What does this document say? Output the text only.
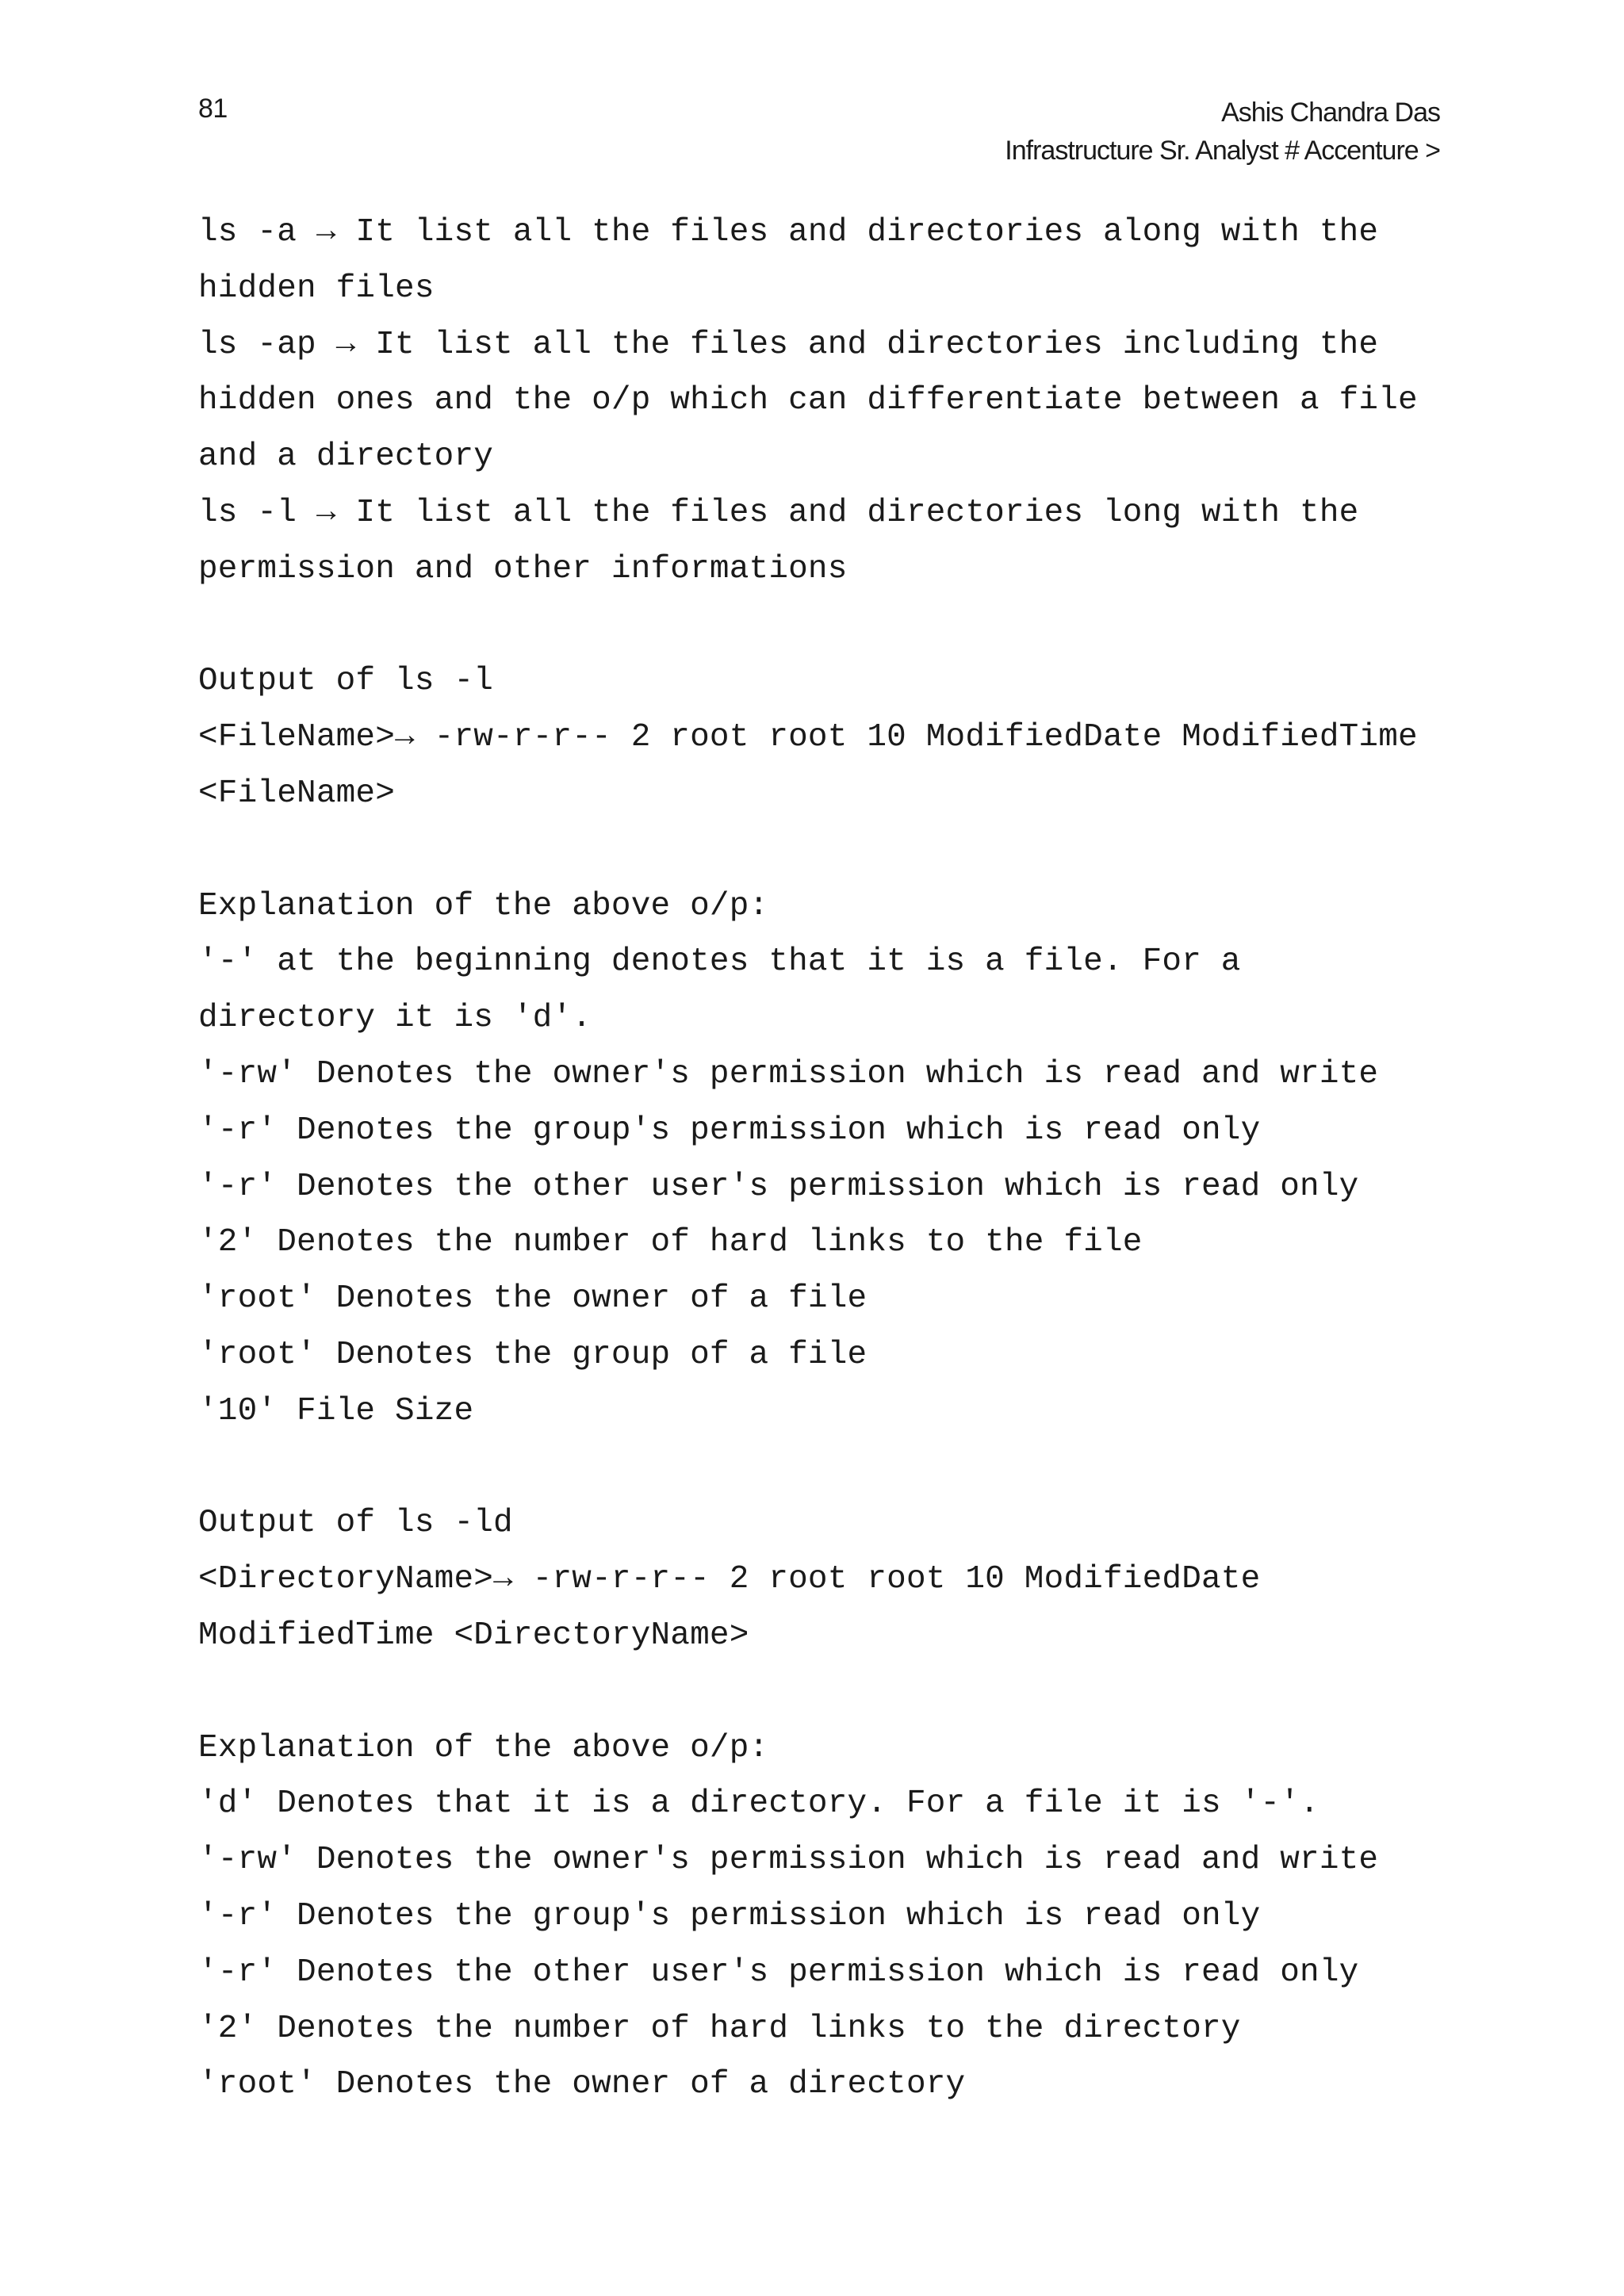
81	Ashis Chandra Das
Infrastructure Sr. Analyst # Accenture >
ls -a → It list all the files and directories along with the
hidden files
ls -ap → It list all the files and directories including the
hidden ones and the o/p which can differentiate between a file
and a directory
ls -l → It list all the files and directories long with the
permission and other informations
Output of ls -l
<FileName>→ -rw-r-r-- 2 root root 10 ModifiedDate ModifiedTime
<FileName>
Explanation of the above o/p:
'-' at the beginning denotes that it is a file. For a
directory it is 'd'.
'-rw' Denotes the owner's permission which is read and write
'-r' Denotes the group's permission which is read only
'-r' Denotes the other user's permission which is read only
'2' Denotes the number of hard links to the file
'root' Denotes the owner of a file
'root' Denotes the group of a file
'10' File Size
Output of ls -ld
<DirectoryName>→ -rw-r-r-- 2 root root 10 ModifiedDate
ModifiedTime <DirectoryName>
Explanation of the above o/p:
'd' Denotes that it is a directory. For a file it is '-'.
'-rw' Denotes the owner's permission which is read and write
'-r' Denotes the group's permission which is read only
'-r' Denotes the other user's permission which is read only
'2' Denotes the number of hard links to the directory
'root' Denotes the owner of a directory
